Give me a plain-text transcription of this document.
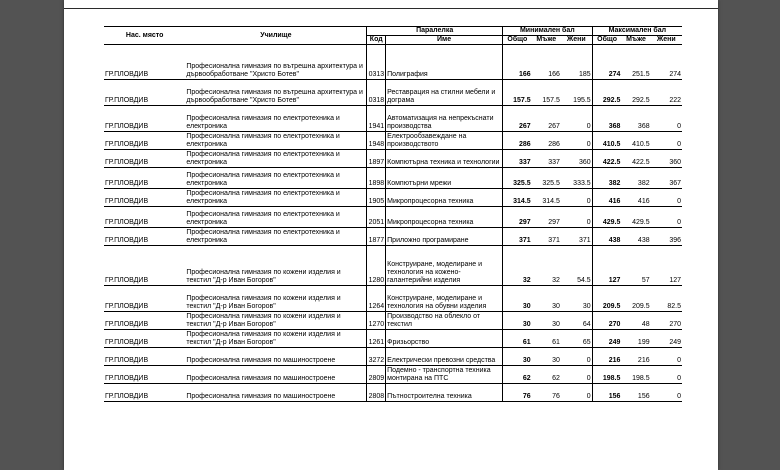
Нас. място	Училище	Паралелка		Минимален бал			Максимален бал		
		Код	Име	Общо	Мъже	Жени	Общо	Мъже	Жени
ГР.ПЛОВДИВ	Професионална гимназия по вътрешна архитектура и дървообработване "Христо Ботев"	0313	Полиграфия	166	166	185	274	251.5	274
ГР.ПЛОВДИВ	Професионална гимназия по вътрешна архитектура и дървообработване "Христо Ботев"	0318	Реставрация на стилни мебели и дограма	157.5	157.5	195.5	292.5	292.5	222
ГР.ПЛОВДИВ	Професионална гимназия по електротехника и електроника	1941	Автоматизация на непрекъснати производства	267	267	0	368	368	0
ГР.ПЛОВДИВ	Професионална гимназия по електротехника и електроника	1948	Електрообзавеждане на производството	286	286	0	410.5	410.5	0
ГР.ПЛОВДИВ	Професионална гимназия по електротехника и електроника	1897	Компютърна техника и технологии	337	337	360	422.5	422.5	360
ГР.ПЛОВДИВ	Професионална гимназия по електротехника и електроника	1898	Компютърни мрежи	325.5	325.5	333.5	382	382	367
ГР.ПЛОВДИВ	Професионална гимназия по електротехника и електроника	1905	Микропроцесорна техника	314.5	314.5	0	416	416	0
ГР.ПЛОВДИВ	Професионална гимназия по електротехника и електроника	2051	Микропроцесорна техника	297	297	0	429.5	429.5	0
ГР.ПЛОВДИВ	Професионална гимназия по електротехника и електроника	1877	Приложно програмиране	371	371	371	438	438	396
ГР.ПЛОВДИВ	Професионална гимназия по кожени изделия и текстил "Д-р Иван Богоров"	1280	Конструиране, моделиране и технология на кожено-галантерийни изделия	32	32	54.5	127	57	127
ГР.ПЛОВДИВ	Професионална гимназия по кожени изделия и текстил "Д-р Иван Богоров"	1264	Конструиране, моделиране и технология на обувни изделия	30	30	30	209.5	209.5	82.5
ГР.ПЛОВДИВ	Професионална гимназия по кожени изделия и текстил "Д-р Иван Богоров"	1270	Производство на облекло от текстил	30	30	64	270	48	270
ГР.ПЛОВДИВ	Професионална гимназия по кожени изделия и текстил "Д-р Иван Богоров"	1261	Фризьорство	61	61	65	249	199	249
ГР.ПЛОВДИВ	Професионална гимназия по машиностроене	3272	Електрически превозни средства	30	30	0	216	216	0
ГР.ПЛОВДИВ	Професионална гимназия по машиностроене	2809	Подемно - транспортна техника монтирана на ПТС	62	62	0	198.5	198.5	0
ГР.ПЛОВДИВ	Професионална гимназия по машиностроене	2808	Пътностроителна техника	76	76	0	156	156	0
